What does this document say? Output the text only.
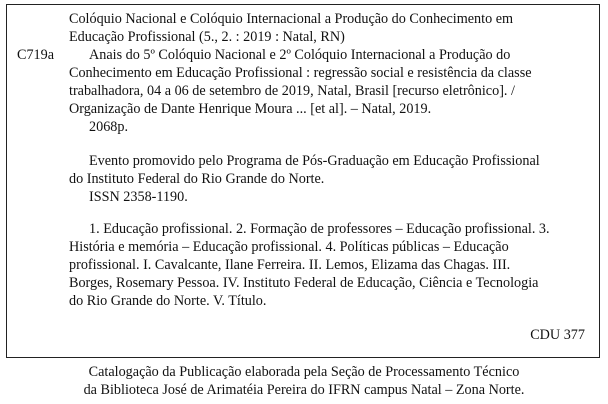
Colóquio Nacional e Colóquio Internacional a Produção do Conhecimento em
Educação Profissional (5., 2. : 2019 : Natal, RN)
C719a Anais do 5º Colóquio Nacional e 2º Colóquio Internacional a Produção do
Conhecimento em Educação Profissional : regressão social e resistência da classe
trabalhadora, 04 a 06 de setembro de 2019, Natal, Brasil [recurso eletrônico]. /
Organização de Dante Henrique Moura ... [et al]. – Natal, 2019.
2068p.
Evento promovido pelo Programa de Pós-Graduação em Educação Profissional
do Instituto Federal do Rio Grande do Norte.
ISSN 2358-1190.
1. Educação profissional. 2. Formação de professores – Educação profissional. 3.
História e memória – Educação profissional. 4. Políticas públicas – Educação
profissional. I. Cavalcante, Ilane Ferreira. II. Lemos, Elizama das Chagas. III.
Borges, Rosemary Pessoa. IV. Instituto Federal de Educação, Ciência e Tecnologia
do Rio Grande do Norte. V. Título.
CDU 377
Catalogação da Publicação elaborada pela Seção de Processamento Técnico
da Biblioteca José de Arimatéia Pereira do IFRN campus Natal – Zona Norte.
